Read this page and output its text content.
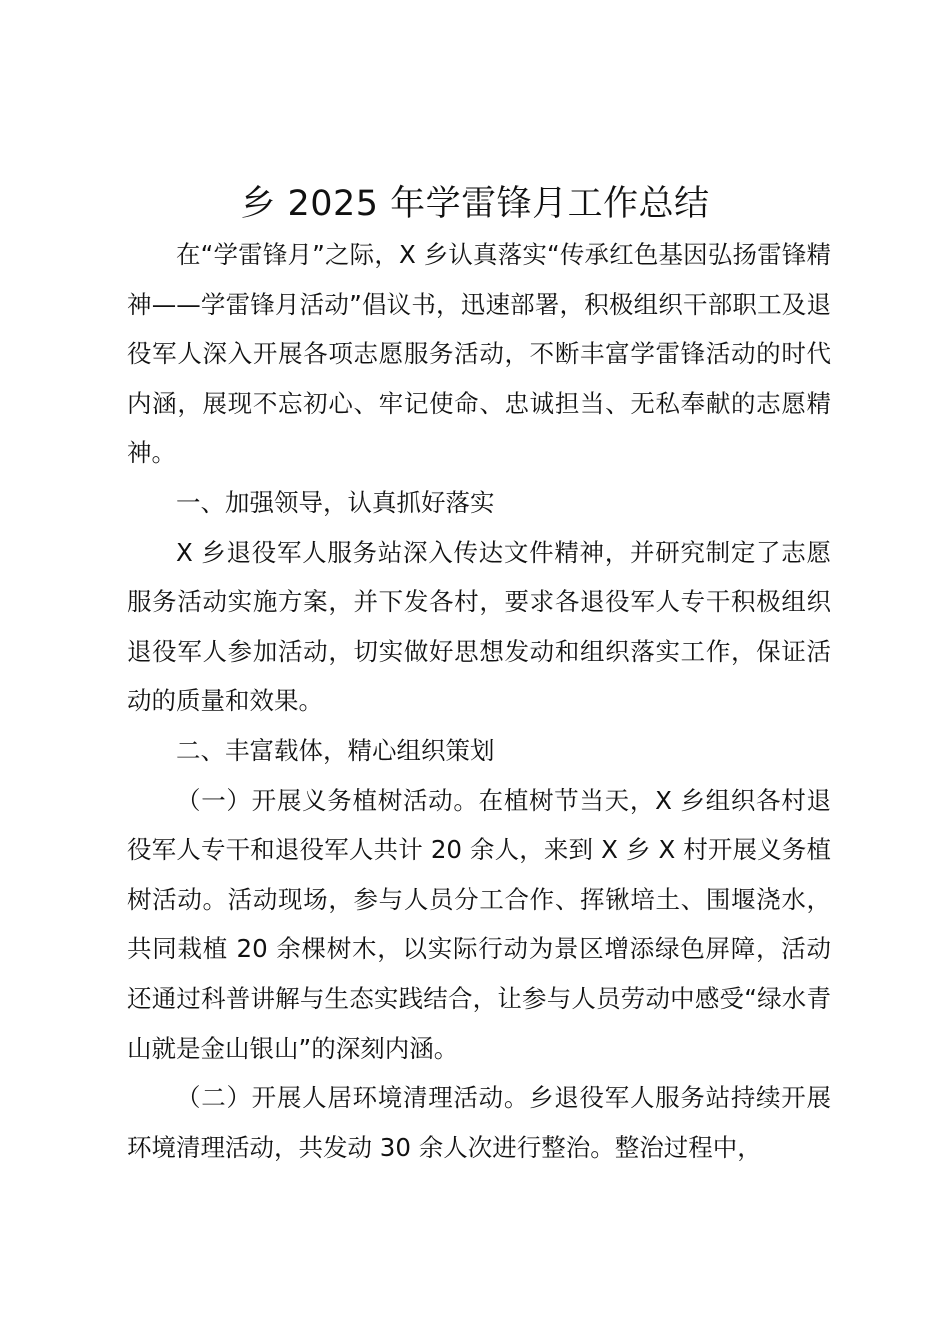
乡 2025 年学雷锋月工作总结

在“学雷锋月”之际，X 乡认真落实“传承红色基因弘扬雷锋精神——学雷锋月活动”倡议书，迅速部署，积极组织干部职工及退役军人深入开展各项志愿服务活动，不断丰富学雷锋活动的时代内涵，展现不忘初心、牢记使命、忠诚担当、无私奉献的志愿精神。

一、加强领导，认真抓好落实

X 乡退役军人服务站深入传达文件精神，并研究制定了志愿服务活动实施方案，并下发各村，要求各退役军人专干积极组织退役军人参加活动，切实做好思想发动和组织落实工作，保证活动的质量和效果。

二、丰富载体，精心组织策划

（一）开展义务植树活动。在植树节当天，X 乡组织各村退役军人专干和退役军人共计 20 余人，来到 X 乡 X 村开展义务植树活动。活动现场，参与人员分工合作、挥锹培土、围堰浇水，共同栽植 20 余棵树木，以实际行动为景区增添绿色屏障，活动还通过科普讲解与生态实践结合，让参与人员劳动中感受“绿水青山就是金山银山”的深刻内涵。

（二）开展人居环境清理活动。乡退役军人服务站持续开展环境清理活动，共发动 30 余人次进行整治。整治过程中，
